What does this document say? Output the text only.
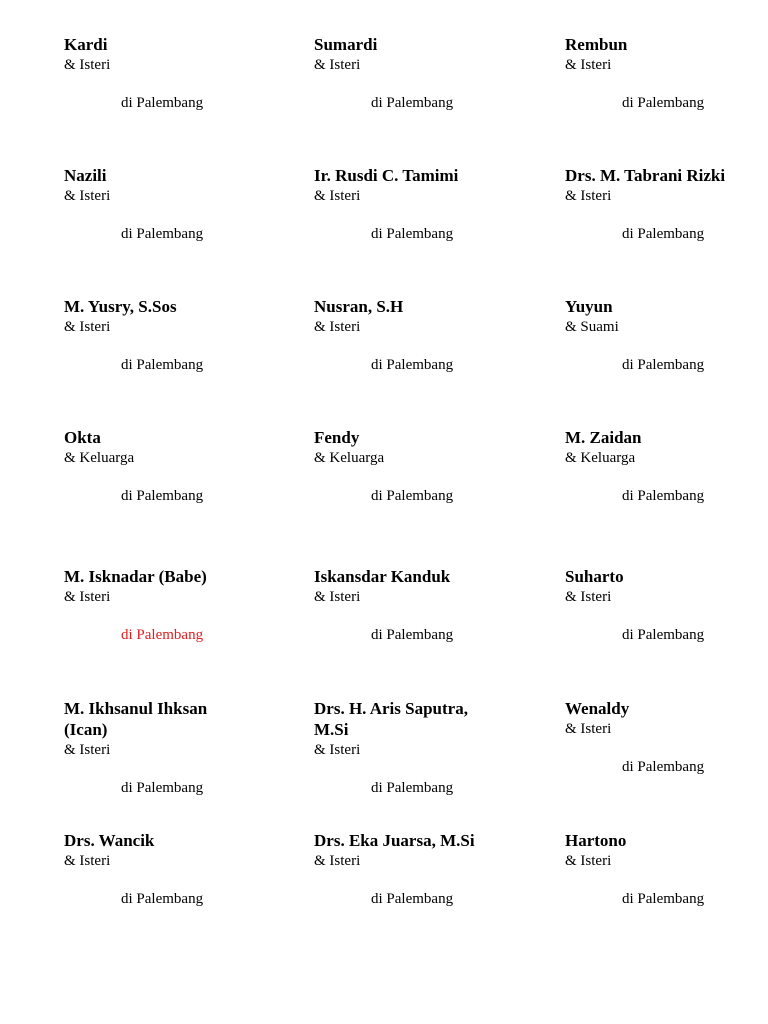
Kardi
& Isteri
di Palembang
Sumardi
& Isteri
di Palembang
Rembun
& Isteri
di Palembang
Nazili
& Isteri
di Palembang
Ir. Rusdi C. Tamimi
& Isteri
di Palembang
Drs. M. Tabrani Rizki
& Isteri
di Palembang
M. Yusry, S.Sos
& Isteri
di Palembang
Nusran, S.H
& Isteri
di Palembang
Yuyun
& Suami
di Palembang
Okta
& Keluarga
di Palembang
Fendy
& Keluarga
di Palembang
M. Zaidan
& Keluarga
di Palembang
M. Isknadar (Babe)
& Isteri
di Palembang
Iskansdar Kanduk
& Isteri
di Palembang
Suharto
& Isteri
di Palembang
M. Ikhsanul Ihksan (Ican)
& Isteri
di Palembang
Drs. H. Aris Saputra, M.Si
& Isteri
di Palembang
Wenaldy
& Isteri
di Palembang
Drs. Wancik
& Isteri
di Palembang
Drs. Eka Juarsa, M.Si
& Isteri
di Palembang
Hartono
& Isteri
di Palembang
